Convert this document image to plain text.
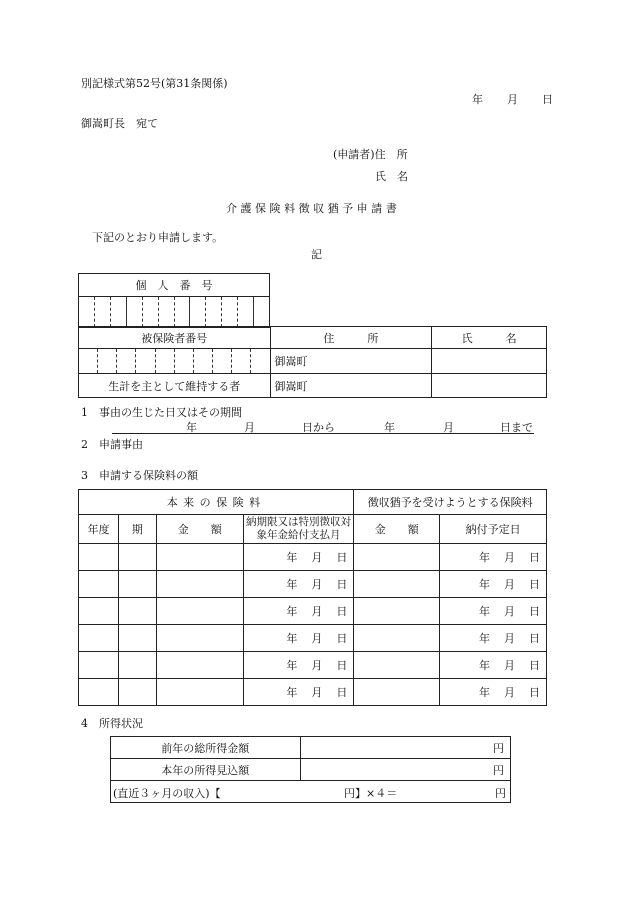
別記様式第52号(第31条関係)
年 月 日
御嵩町長　宛て
(申請者)住　所
氏　名
介護保険料徴収猶予申請書
下記のとおり申請します。
記
個　人　番　号

被保険者番号	住　　　所	氏　　　名

	御嵩町	
生計を主として維持する者	御嵩町	
1　事由の生じた日又はその期間
年	月	日から	年	月	日まで
2　申請事由
3　申請する保険料の額
本来の保険料				徴収猶予を受けようとする保険料	
年度	期	金　　額	納期限又は特別徴収対象年金給付支払月	金　　額	納付予定日
			年 月 日		年 月 日
			年 月 日		年 月 日
			年 月 日		年 月 日
			年 月 日		年 月 日
			年 月 日		年 月 日
			年 月 日		年 月 日
4　所得状況
前年の総所得金額	円
本年の所得見込額	円

(直近３ヶ月の収入)【 円】×４＝ 円	
